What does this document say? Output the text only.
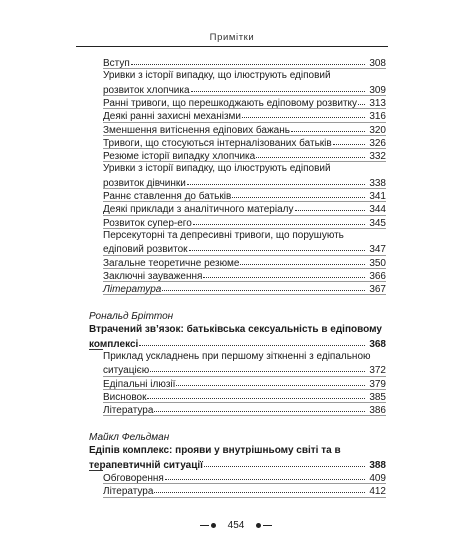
Примітки
Вступ	308
Уривки з історії випадку, що ілюструють едіповий
розвиток хлопчика	309
Ранні тривоги, що перешкоджають едіповому розвитку	313
Деякі ранні захисні механізми	316
Зменшення витіснення едіпових бажань	320
Тривоги, що стосуються інтерналізованих батьків	326
Резюме історії випадку хлопчика	332
Уривки з історії випадку, що ілюструють едіповий
розвиток дівчинки	338
Раннє ставлення до батьків	341
Деякі приклади з аналітичного матеріалу	344
Розвиток супер-его	345
Персекуторні та депресивні тривоги, що порушують
едіповий розвиток	347
Загальне теоретичне резюме	350
Заключні зауваження	366
Література	367
Рональд Бріттон
Втрачений зв’язок: батьківська сексуальність в едіповому
комплексі	368
Приклад ускладнень при першому зіткненні з едіпальною
ситуацією	372
Едіпальні ілюзії	379
Висновок	385
Література	386
Майкл Фельдман
Едіпів комплекс: прояви у внутрішньому світі та в
терапевтичній ситуації	388
Обговорення	409
Література	412
454
